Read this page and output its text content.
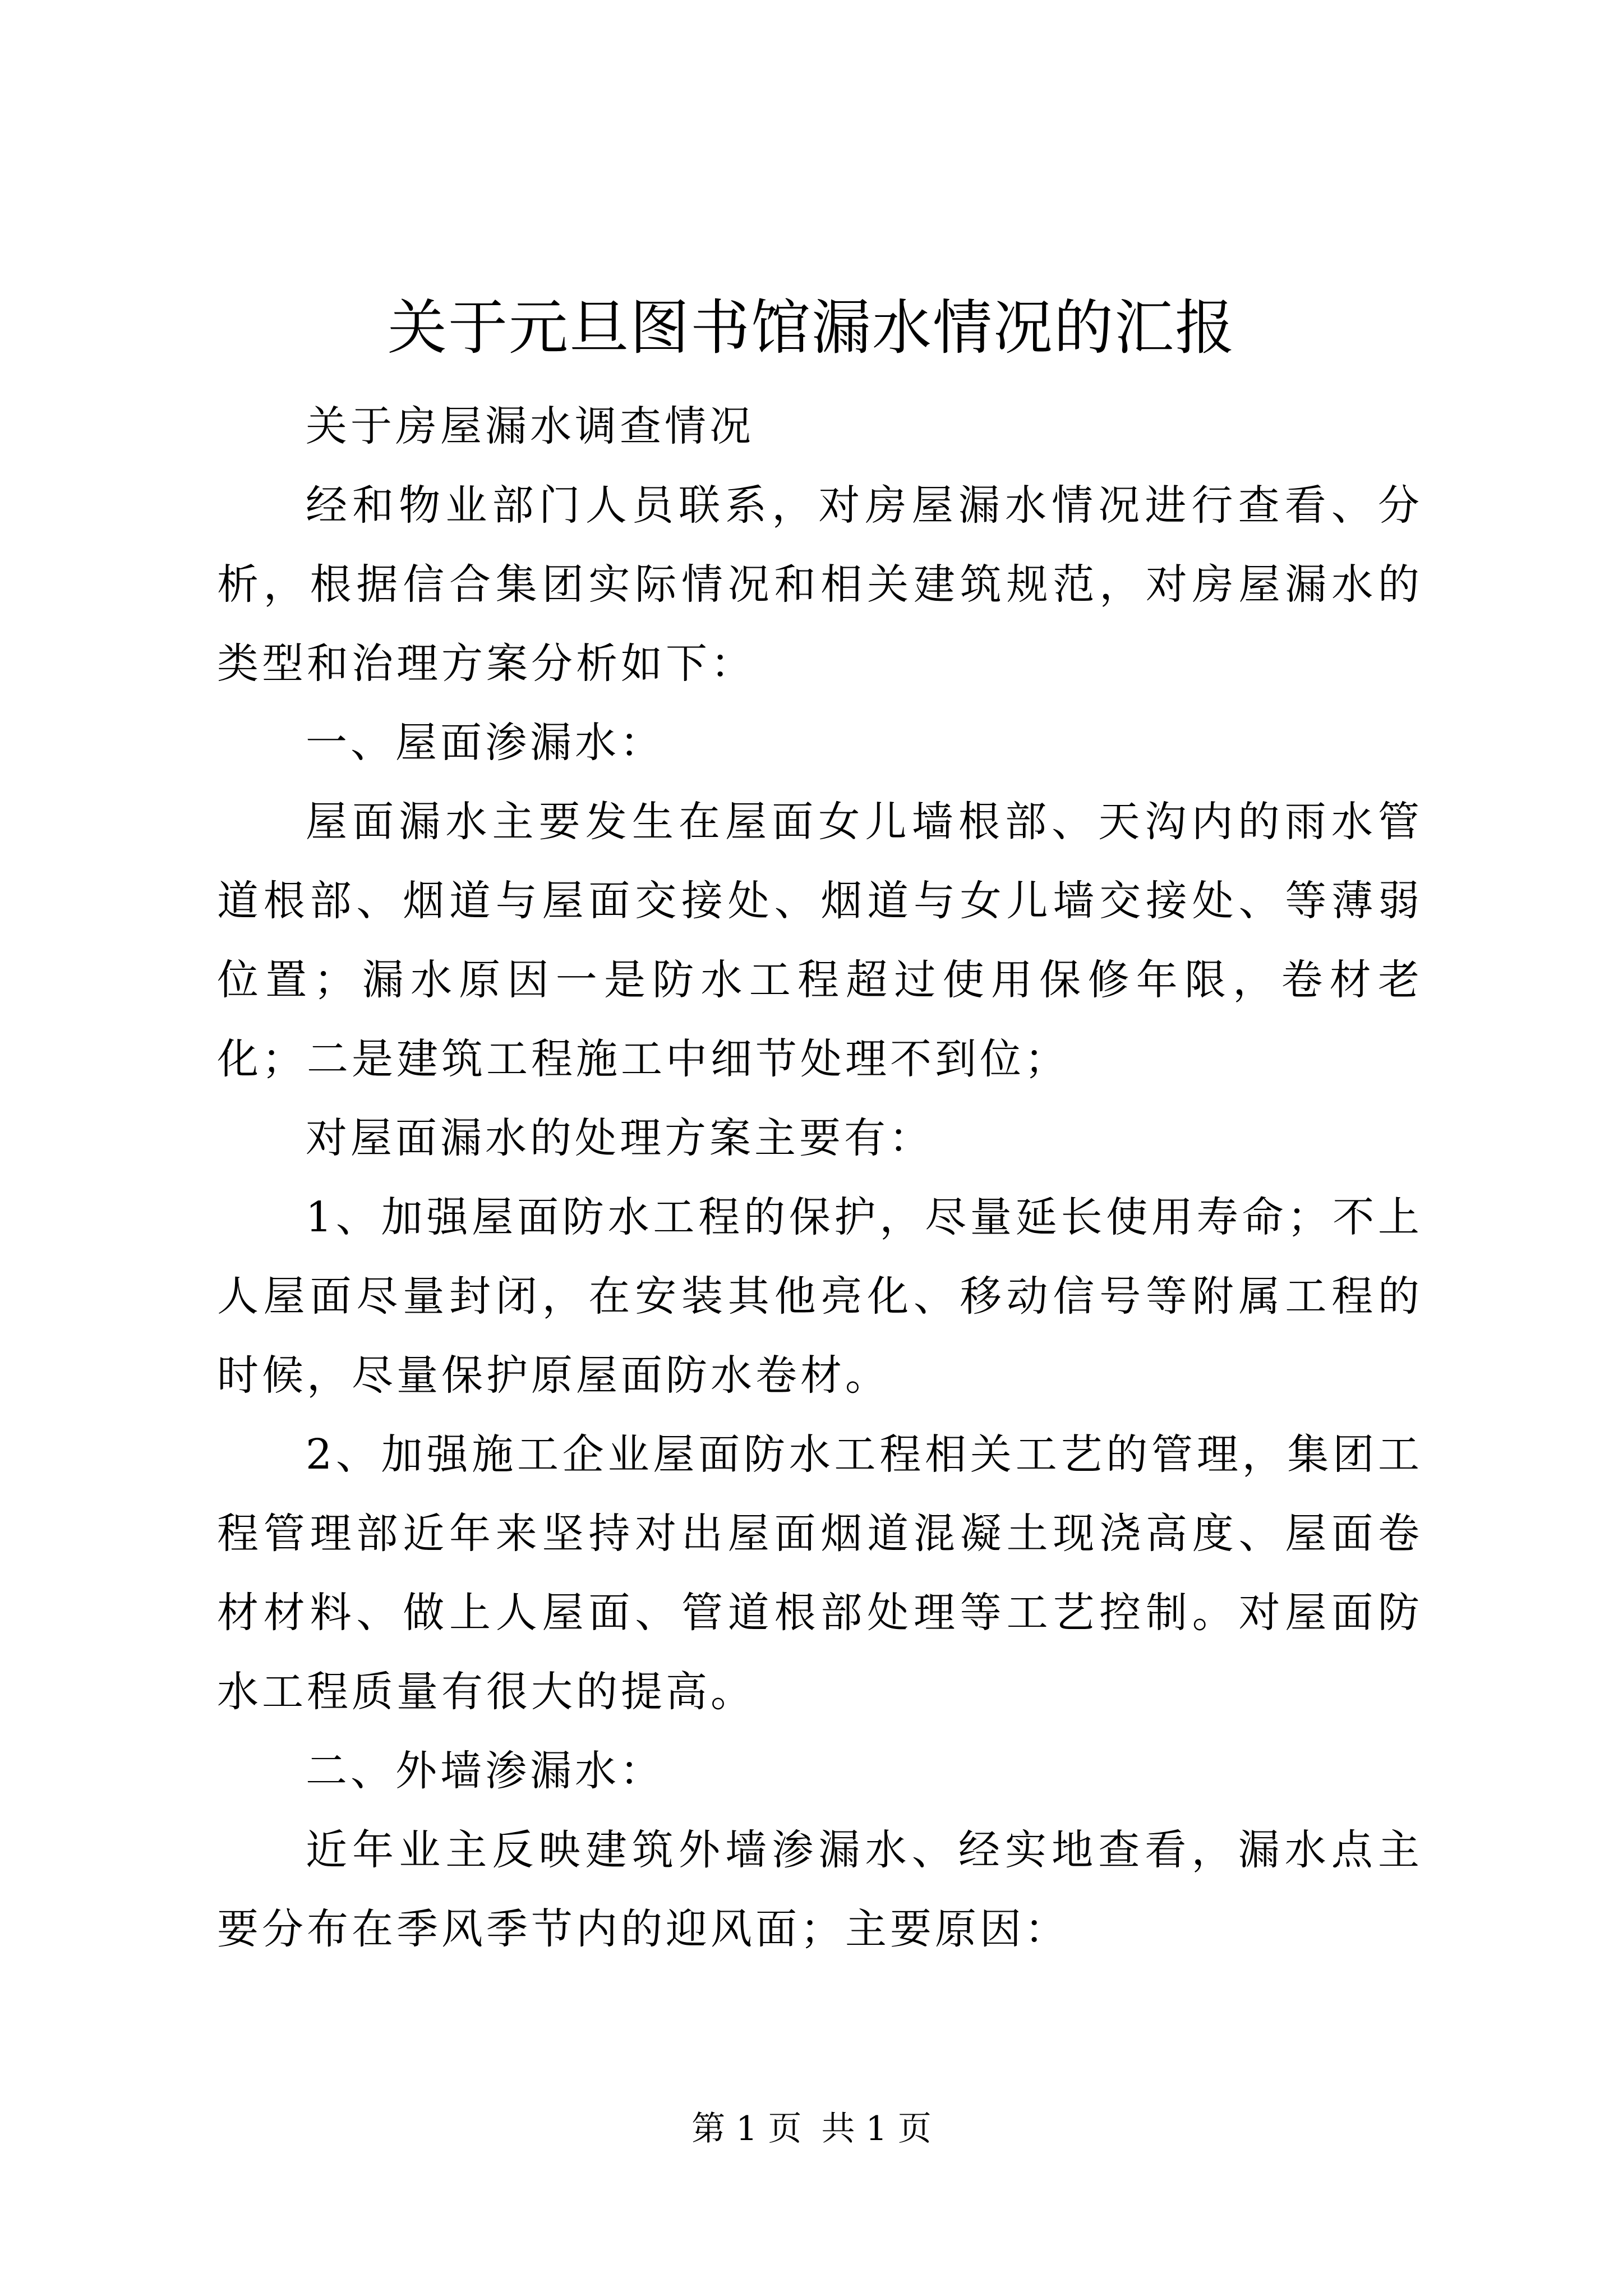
关于元旦图书馆漏水情况的汇报

关于房屋漏水调查情况

经和物业部门人员联系，对房屋漏水情况进行查看、分析，根据信合集团实际情况和相关建筑规范，对房屋漏水的类型和治理方案分析如下：

一、屋面渗漏水：

屋面漏水主要发生在屋面女儿墙根部、天沟内的雨水管道根部、烟道与屋面交接处、烟道与女儿墙交接处、等薄弱位置；漏水原因一是防水工程超过使用保修年限，卷材老化；二是建筑工程施工中细节处理不到位；

对屋面漏水的处理方案主要有：

1、加强屋面防水工程的保护，尽量延长使用寿命；不上人屋面尽量封闭，在安装其他亮化、移动信号等附属工程的时候，尽量保护原屋面防水卷材。

2、加强施工企业屋面防水工程相关工艺的管理，集团工程管理部近年来坚持对出屋面烟道混凝土现浇高度、屋面卷材材料、做上人屋面、管道根部处理等工艺控制。对屋面防水工程质量有很大的提高。

二、外墙渗漏水：

近年业主反映建筑外墙渗漏水、经实地查看，漏水点主要分布在季风季节内的迎风面；主要原因：

第 1 页 共 1 页
